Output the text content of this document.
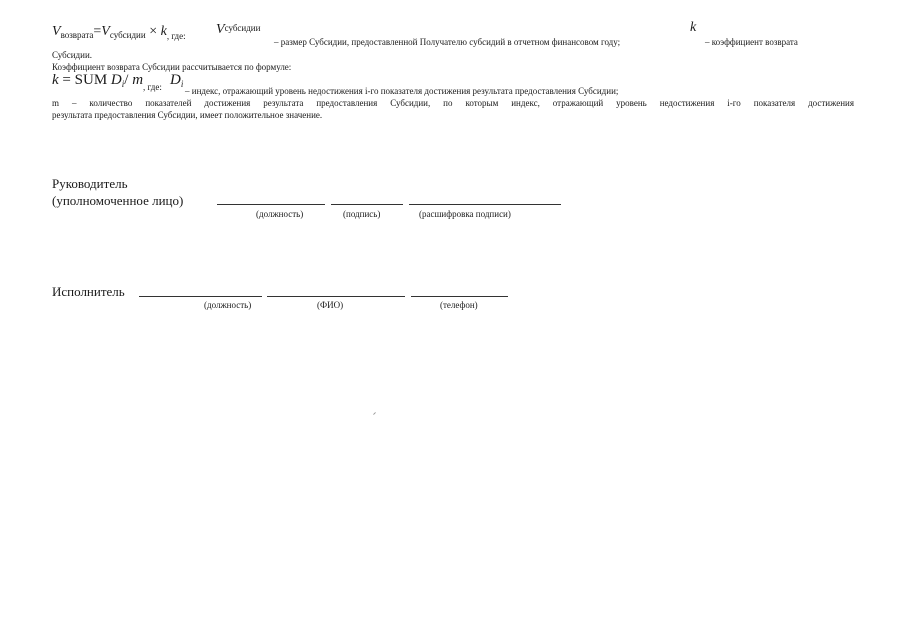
$V_{возврата}=V_{субсидии} \times k_{, где:}$ Vсубсидии
– размер Субсидии, предоставленной Получателю субсидий в отчетном финансовом году;
k
– коэффициент возврата
Субсидии.
Коэффициент возврата Субсидии рассчитывается по формуле:
k = SUM $D_i/$ $m_{, где:}$ $D_i$
– индекс, отражающий уровень недостижения i-го показателя достижения результата предоставления Субсидии;
m – количество показателей достижения результата предоставления Субсидии, по которым индекс, отражающий уровень недостижения i-го показателя достижения
результата предоставления Субсидии, имеет положительное значение.
Руководитель
(уполномоченное лицо)
(должность)	(подпись)	(расшифровка подписи)
Исполнитель
(должность)	(ФИО)	(телефон)
